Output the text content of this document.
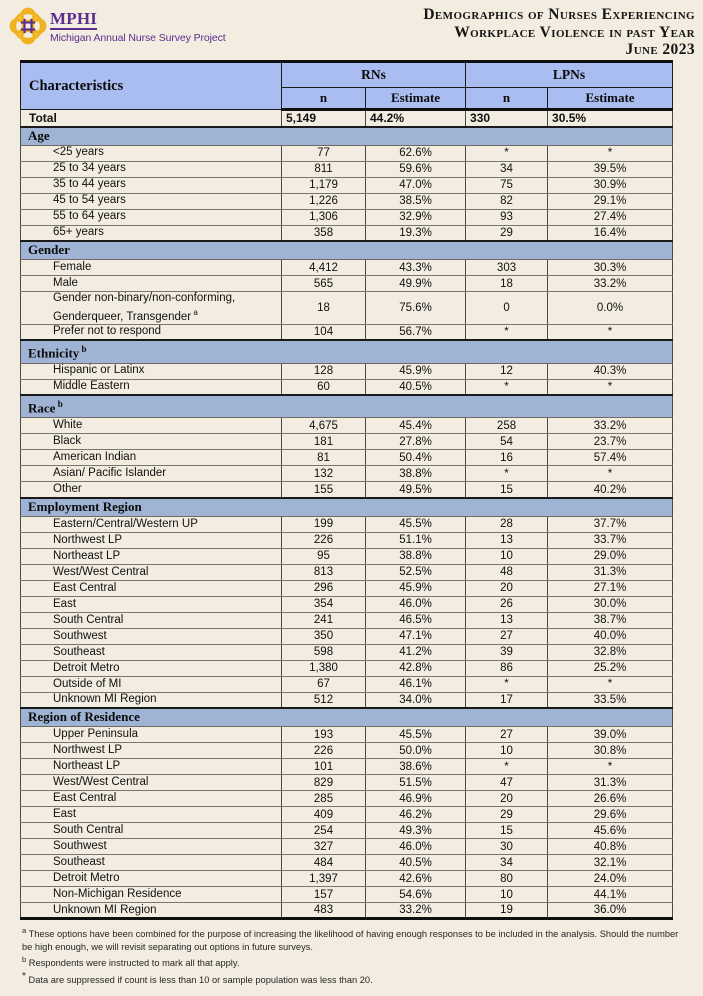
MPHI
Michigan Annual Nurse Survey Project
Demographics of Nurses Experiencing
Workplace Violence in past Year
June 2023
Characteristics	RNs		LPNs	
	n	Estimate	n	Estimate
Total	5,149	44.2%	330	30.5%
Age				
<25 years	77	62.6%	*	*
25 to 34 years	811	59.6%	34	39.5%
35 to 44 years	1,179	47.0%	75	30.9%
45 to 54 years	1,226	38.5%	82	29.1%
55 to 64 years	1,306	32.9%	93	27.4%
65+ years	358	19.3%	29	16.4%
Gender				
Female	4,412	43.3%	303	30.3%
Male	565	49.9%	18	33.2%
Gender non-binary/non-conforming, Genderqueer, Transgender $^a$	18	75.6%	0	0.0%
Prefer not to respond	104	56.7%	*	*
Ethnicity $^b$
Hispanic or Latinx	128	45.9%	12	40.3%
Middle Eastern	60	40.5%	*	*
Race $^b$
White	4,675	45.4%	258	33.2%
Black	181	27.8%	54	23.7%
American Indian	81	50.4%	16	57.4%
Asian/ Pacific Islander	132	38.8%	*	*
Other	155	49.5%	15	40.2%
Employment Region				
Eastern/Central/Western UP	199	45.5%	28	37.7%
Northwest LP	226	51.1%	13	33.7%
Northeast LP	95	38.8%	10	29.0%
West/West Central	813	52.5%	48	31.3%
East Central	296	45.9%	20	27.1%
East	354	46.0%	26	30.0%
South Central	241	46.5%	13	38.7%
Southwest	350	47.1%	27	40.0%
Southeast	598	41.2%	39	32.8%
Detroit Metro	1,380	42.8%	86	25.2%
Outside of MI	67	46.1%	*	*
Unknown MI Region	512	34.0%	17	33.5%
Region of Residence				
Upper Peninsula	193	45.5%	27	39.0%
Northwest LP	226	50.0%	10	30.8%
Northeast LP	101	38.6%	*	*
West/West Central	829	51.5%	47	31.3%
East Central	285	46.9%	20	26.6%
East	409	46.2%	29	29.6%
South Central	254	49.3%	15	45.6%
Southwest	327	46.0%	30	40.8%
Southeast	484	40.5%	34	32.1%
Detroit Metro	1,397	42.6%	80	24.0%
Non-Michigan Residence	157	54.6%	10	44.1%
Unknown MI Region	483	33.2%	19	36.0%

$^a$ These options have been combined for the purpose of increasing the likelihood of having enough responses to be included in the analysis. Should the number be high enough, we will revisit separating out options in future surveys.

$^b$ Respondents were instructed to mark all that apply.

* Data are suppressed if count is less than 10 or sample population was less than 20.
